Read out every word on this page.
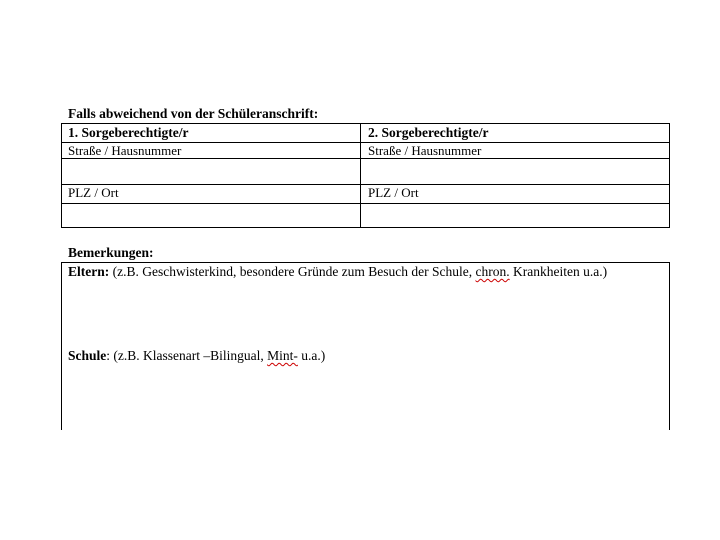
Falls abweichend von der Schüleranschrift:
1. Sorgeberechtigte/r	2. Sorgeberechtigte/r
Straße / Hausnummer	Straße / Hausnummer
PLZ / Ort	PLZ / Ort
Bemerkungen:
Eltern: (z.B. Geschwisterkind, besondere Gründe zum Besuch der Schule, chron. Krankheiten u.a.)
Schule: (z.B. Klassenart –Bilingual, Mint- u.a.)
